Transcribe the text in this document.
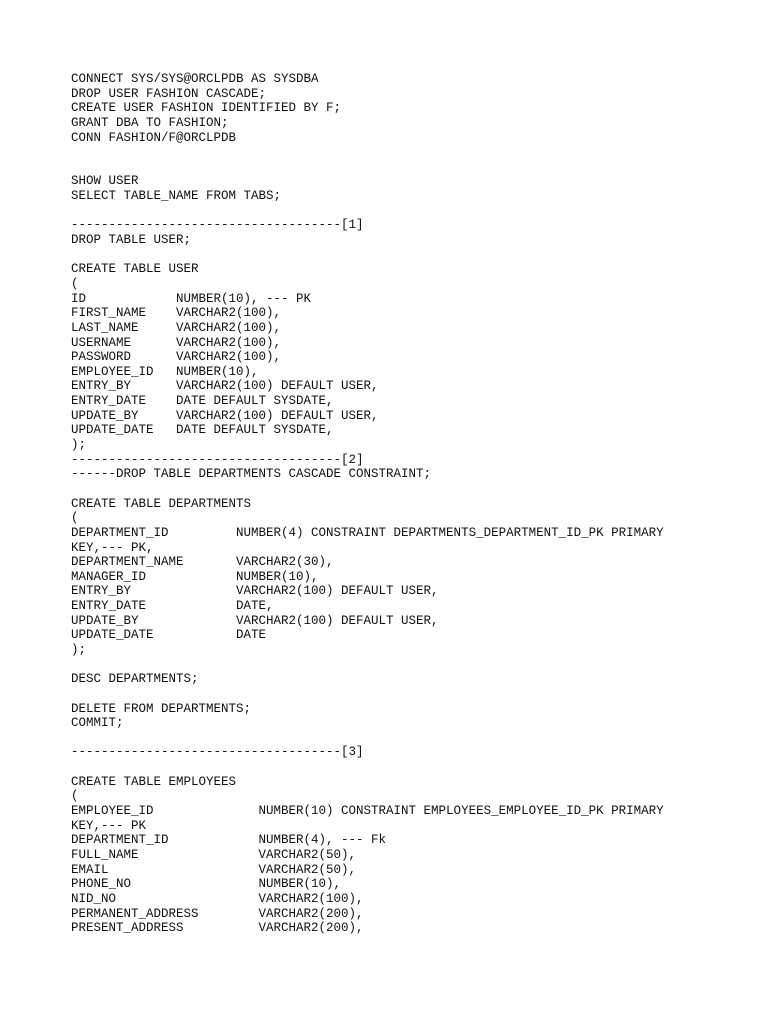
CONNECT SYS/SYS@ORCLPDB AS SYSDBA
DROP USER FASHION CASCADE;
CREATE USER FASHION IDENTIFIED BY F;
GRANT DBA TO FASHION;
CONN FASHION/F@ORCLPDB
SHOW USER
SELECT TABLE_NAME FROM TABS;
------------------------------------[1]
DROP TABLE USER;
CREATE TABLE USER
(
ID            NUMBER(10), --- PK
FIRST_NAME    VARCHAR2(100),
LAST_NAME     VARCHAR2(100),
USERNAME      VARCHAR2(100),
PASSWORD      VARCHAR2(100),
EMPLOYEE_ID   NUMBER(10),
ENTRY_BY      VARCHAR2(100) DEFAULT USER,
ENTRY_DATE    DATE DEFAULT SYSDATE,
UPDATE_BY     VARCHAR2(100) DEFAULT USER,
UPDATE_DATE   DATE DEFAULT SYSDATE,
);
------------------------------------[2]
------DROP TABLE DEPARTMENTS CASCADE CONSTRAINT;
CREATE TABLE DEPARTMENTS
(
DEPARTMENT_ID         NUMBER(4) CONSTRAINT DEPARTMENTS_DEPARTMENT_ID_PK PRIMARY
KEY,--- PK,
DEPARTMENT_NAME       VARCHAR2(30),
MANAGER_ID            NUMBER(10),
ENTRY_BY              VARCHAR2(100) DEFAULT USER,
ENTRY_DATE            DATE,
UPDATE_BY             VARCHAR2(100) DEFAULT USER,
UPDATE_DATE           DATE
);
DESC DEPARTMENTS;
DELETE FROM DEPARTMENTS;
COMMIT;
------------------------------------[3]
CREATE TABLE EMPLOYEES
(
EMPLOYEE_ID              NUMBER(10) CONSTRAINT EMPLOYEES_EMPLOYEE_ID_PK PRIMARY
KEY,--- PK
DEPARTMENT_ID            NUMBER(4), --- Fk
FULL_NAME                VARCHAR2(50),
EMAIL                    VARCHAR2(50),
PHONE_NO                 NUMBER(10),
NID_NO                   VARCHAR2(100),
PERMANENT_ADDRESS        VARCHAR2(200),
PRESENT_ADDRESS          VARCHAR2(200),
